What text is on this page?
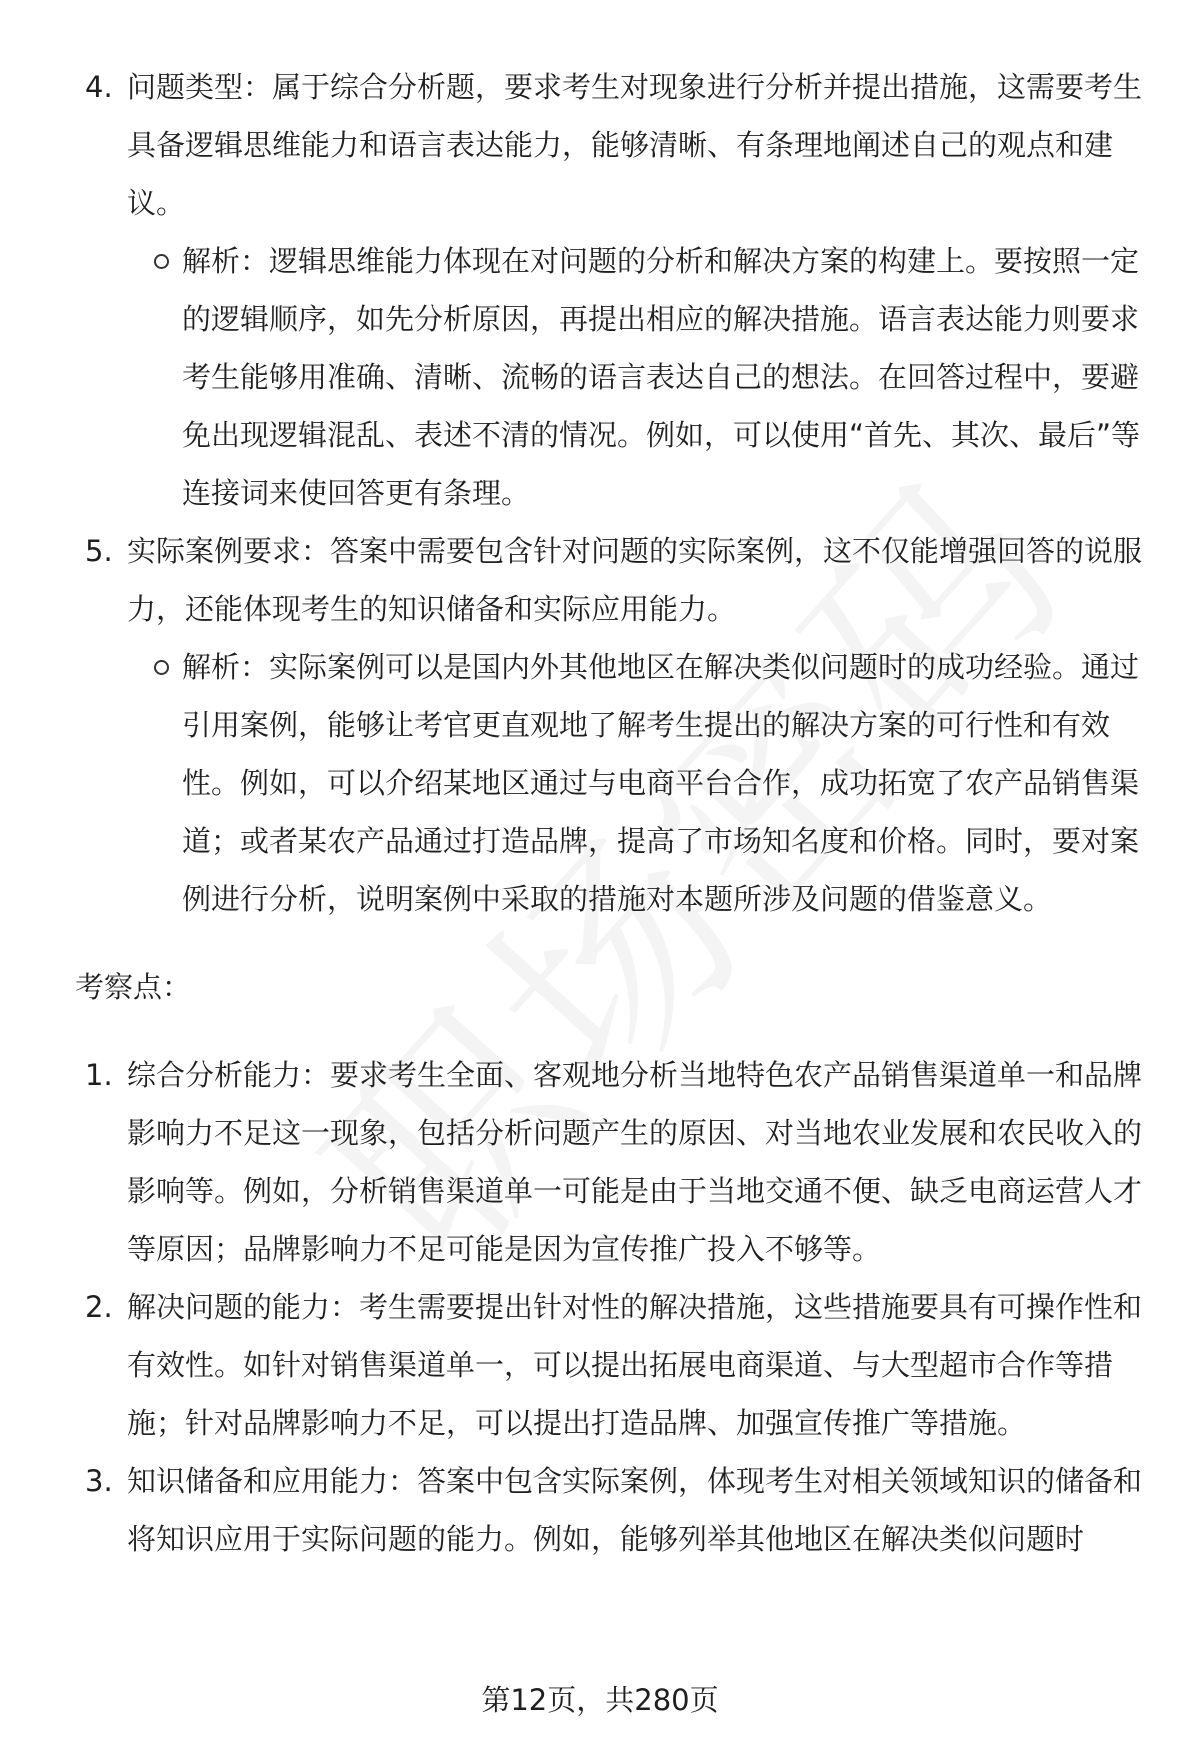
4. 问题类型：属于综合分析题，要求考生对现象进行分析并提出措施，这需要考生具备逻辑思维能力和语言表达能力，能够清晰、有条理地阐述自己的观点和建议。
解析：逻辑思维能力体现在对问题的分析和解决方案的构建上。要按照一定的逻辑顺序，如先分析原因，再提出相应的解决措施。语言表达能力则要求考生能够用准确、清晰、流畅的语言表达自己的想法。在回答过程中，要避免出现逻辑混乱、表述不清的情况。例如，可以使用“首先、其次、最后”等连接词来使回答更有条理。
5. 实际案例要求：答案中需要包含针对问题的实际案例，这不仅能增强回答的说服力，还能体现考生的知识储备和实际应用能力。
解析：实际案例可以是国内外其他地区在解决类似问题时的成功经验。通过引用案例，能够让考官更直观地了解考生提出的解决方案的可行性和有效性。例如，可以介绍某地区通过与电商平台合作，成功拓宽了农产品销售渠道；或者某农产品通过打造品牌，提高了市场知名度和价格。同时，要对案例进行分析，说明案例中采取的措施对本题所涉及问题的借鉴意义。
考察点：
1. 综合分析能力：要求考生全面、客观地分析当地特色农产品销售渠道单一和品牌影响力不足这一现象，包括分析问题产生的原因、对当地农业发展和农民收入的影响等。例如，分析销售渠道单一可能是由于当地交通不便、缺乏电商运营人才等原因；品牌影响力不足可能是因为宣传推广投入不够等。
2. 解决问题的能力：考生需要提出针对性的解决措施，这些措施要具有可操作性和有效性。如针对销售渠道单一，可以提出拓展电商渠道、与大型超市合作等措施；针对品牌影响力不足，可以提出打造品牌、加强宣传推广等措施。
3. 知识储备和应用能力：答案中包含实际案例，体现考生对相关领域知识的储备和将知识应用于实际问题的能力。例如，能够列举其他地区在解决类似问题时
第12页，共280页
